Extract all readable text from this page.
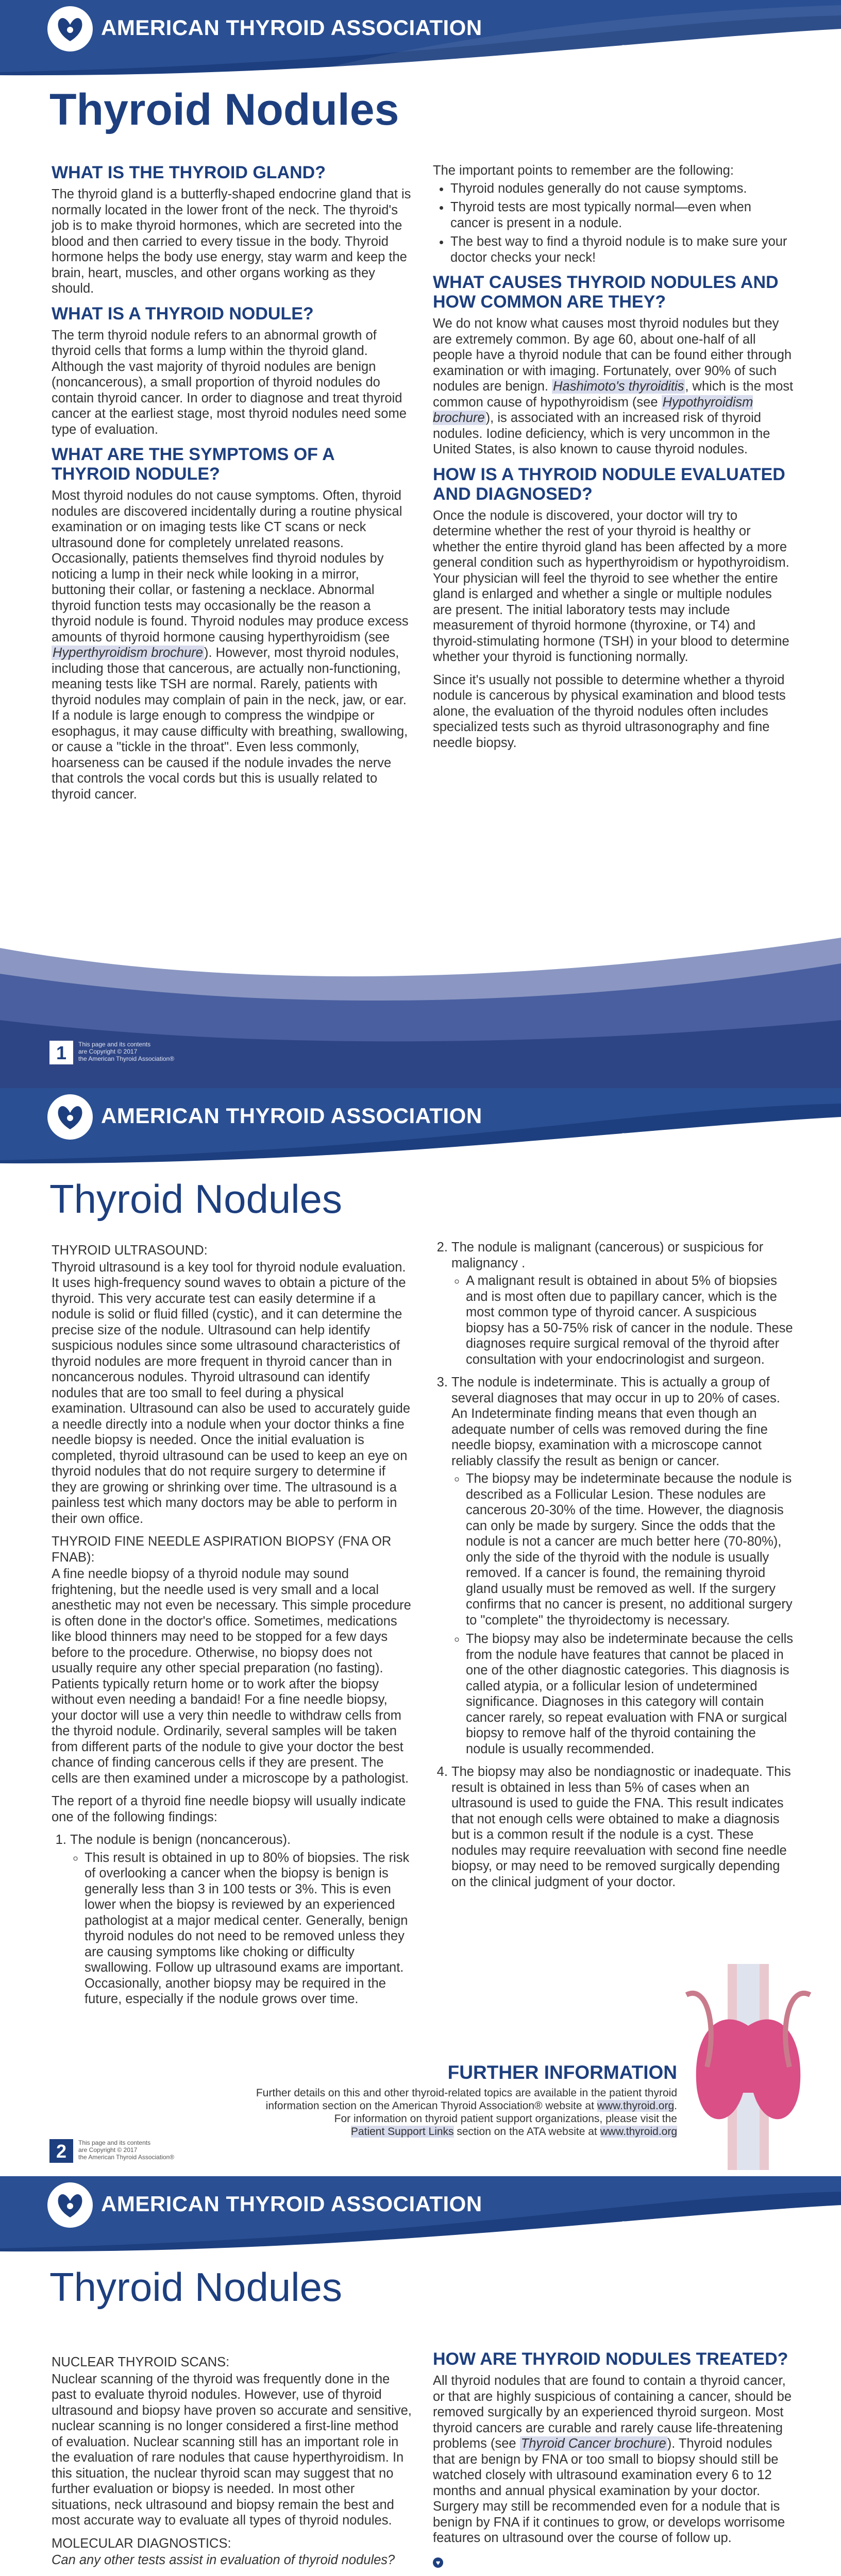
AMERICAN THYROID ASSOCIATION
www.thyroid.org
Thyroid Nodules
WHAT IS THE THYROID GLAND?

The thyroid gland is a butterfly-shaped endocrine gland that is normally located in the lower front of the neck. The thyroid's job is to make thyroid hormones, which are secreted into the blood and then carried to every tissue in the body. Thyroid hormone helps the body use energy, stay warm and keep the brain, heart, muscles, and other organs working as they should.

WHAT IS A THYROID NODULE?

The term thyroid nodule refers to an abnormal growth of thyroid cells that forms a lump within the thyroid gland. Although the vast majority of thyroid nodules are benign (noncancerous), a small proportion of thyroid nodules do contain thyroid cancer. In order to diagnose and treat thyroid cancer at the earliest stage, most thyroid nodules need some type of evaluation.

WHAT ARE THE SYMPTOMS OF A THYROID NODULE?

Most thyroid nodules do not cause symptoms. Often, thyroid nodules are discovered incidentally during a routine physical examination or on imaging tests like CT scans or neck ultrasound done for completely unrelated reasons. Occasionally, patients themselves find thyroid nodules by noticing a lump in their neck while looking in a mirror, buttoning their collar, or fastening a necklace. Abnormal thyroid function tests may occasionally be the reason a thyroid nodule is found. Thyroid nodules may produce excess amounts of thyroid hormone causing hyperthyroidism (see Hyperthyroidism brochure). However, most thyroid nodules, including those that cancerous, are actually non-functioning, meaning tests like TSH are normal. Rarely, patients with thyroid nodules may complain of pain in the neck, jaw, or ear. If a nodule is large enough to compress the windpipe or esophagus, it may cause difficulty with breathing, swallowing, or cause a "tickle in the throat". Even less commonly, hoarseness can be caused if the nodule invades the nerve that controls the vocal cords but this is usually related to thyroid cancer.

The important points to remember are the following:

• Thyroid nodules generally do not cause symptoms.
• Thyroid tests are most typically normal—even when cancer is present in a nodule.
• The best way to find a thyroid nodule is to make sure your doctor checks your neck!
WHAT CAUSES THYROID NODULES AND HOW COMMON ARE THEY?

We do not know what causes most thyroid nodules but they are extremely common. By age 60, about one-half of all people have a thyroid nodule that can be found either through examination or with imaging. Fortunately, over 90% of such nodules are benign. Hashimoto's thyroiditis, which is the most common cause of hypothyroidism (see Hypothyroidism brochure), is associated with an increased risk of thyroid nodules. Iodine deficiency, which is very uncommon in the United States, is also known to cause thyroid nodules.

HOW IS A THYROID NODULE EVALUATED AND DIAGNOSED?

Once the nodule is discovered, your doctor will try to determine whether the rest of your thyroid is healthy or whether the entire thyroid gland has been affected by a more general condition such as hyperthyroidism or hypothyroidism. Your physician will feel the thyroid to see whether the entire gland is enlarged and whether a single or multiple nodules are present. The initial laboratory tests may include measurement of thyroid hormone (thyroxine, or T4) and thyroid-stimulating hormone (TSH) in your blood to determine whether your thyroid is functioning normally.

Since it's usually not possible to determine whether a thyroid nodule is cancerous by physical examination and blood tests alone, the evaluation of the thyroid nodules often includes specialized tests such as thyroid ultrasonography and fine needle biopsy.

1	This page and its contents
are Copyright © 2017
the American Thyroid Association®
AMERICAN THYROID ASSOCIATION
www.thyroid.org
Thyroid Nodules
THYROID ULTRASOUND:

Thyroid ultrasound is a key tool for thyroid nodule evaluation. It uses high-frequency sound waves to obtain a picture of the thyroid. This very accurate test can easily determine if a nodule is solid or fluid filled (cystic), and it can determine the precise size of the nodule. Ultrasound can help identify suspicious nodules since some ultrasound characteristics of thyroid nodules are more frequent in thyroid cancer than in noncancerous nodules. Thyroid ultrasound can identify nodules that are too small to feel during a physical examination. Ultrasound can also be used to accurately guide a needle directly into a nodule when your doctor thinks a fine needle biopsy is needed. Once the initial evaluation is completed, thyroid ultrasound can be used to keep an eye on thyroid nodules that do not require surgery to determine if they are growing or shrinking over time. The ultrasound is a painless test which many doctors may be able to perform in their own office.

THYROID FINE NEEDLE ASPIRATION BIOPSY (FNA OR FNAB):

A fine needle biopsy of a thyroid nodule may sound frightening, but the needle used is very small and a local anesthetic may not even be necessary. This simple procedure is often done in the doctor's office. Sometimes, medications like blood thinners may need to be stopped for a few days before to the procedure. Otherwise, no biopsy does not usually require any other special preparation (no fasting). Patients typically return home or to work after the biopsy without even needing a bandaid! For a fine needle biopsy, your doctor will use a very thin needle to withdraw cells from the thyroid nodule. Ordinarily, several samples will be taken from different parts of the nodule to give your doctor the best chance of finding cancerous cells if they are present. The cells are then examined under a microscope by a pathologist.

The report of a thyroid fine needle biopsy will usually indicate one of the following findings:

1. The nodule is benign (noncancerous).
◦ This result is obtained in up to 80% of biopsies. The risk of overlooking a cancer when the biopsy is benign is generally less than 3 in 100 tests or 3%. This is even lower when the biopsy is reviewed by an experienced pathologist at a major medical center. Generally, benign thyroid nodules do not need to be removed unless they are causing symptoms like choking or difficulty swallowing. Follow up ultrasound exams are important. Occasionally, another biopsy may be required in the future, especially if the nodule grows over time.
2. The nodule is malignant (cancerous) or suspicious for malignancy .
◦ A malignant result is obtained in about 5% of biopsies and is most often due to papillary cancer, which is the most common type of thyroid cancer. A suspicious biopsy has a 50-75% risk of cancer in the nodule. These diagnoses require surgical removal of the thyroid after consultation with your endocrinologist and surgeon.
3. The nodule is indeterminate. This is actually a group of several diagnoses that may occur in up to 20% of cases. An Indeterminate finding means that even though an adequate number of cells was removed during the fine needle biopsy, examination with a microscope cannot reliably classify the result as benign or cancer.
◦ The biopsy may be indeterminate because the nodule is described as a Follicular Lesion. These nodules are cancerous 20-30% of the time. However, the diagnosis can only be made by surgery. Since the odds that the nodule is not a cancer are much better here (70-80%), only the side of the thyroid with the nodule is usually removed. If a cancer is found, the remaining thyroid gland usually must be removed as well. If the surgery confirms that no cancer is present, no additional surgery to "complete" the thyroidectomy is necessary.
◦ The biopsy may also be indeterminate because the cells from the nodule have features that cannot be placed in one of the other diagnostic categories. This diagnosis is called atypia, or a follicular lesion of undetermined significance. Diagnoses in this category will contain cancer rarely, so repeat evaluation with FNA or surgical biopsy to remove half of the thyroid containing the nodule is usually recommended.
4. The biopsy may also be nondiagnostic or inadequate. This result is obtained in less than 5% of cases when an ultrasound is used to guide the FNA. This result indicates that not enough cells were obtained to make a diagnosis but is a common result if the nodule is a cyst. These nodules may require reevaluation with second fine needle biopsy, or may need to be removed surgically depending on the clinical judgment of your doctor.
FURTHER INFORMATION
Further details on this and other thyroid-related topics are available in the patient thyroid
information section on the American Thyroid Association® website at www.thyroid.org.
For information on thyroid patient support organizations, please visit the
Patient Support Links section on the ATA website at www.thyroid.org
2	This page and its contents
are Copyright © 2017
the American Thyroid Association®
AMERICAN THYROID ASSOCIATION
www.thyroid.org
Thyroid Nodules
NUCLEAR THYROID SCANS:

Nuclear scanning of the thyroid was frequently done in the past to evaluate thyroid nodules. However, use of thyroid ultrasound and biopsy have proven so accurate and sensitive, nuclear scanning is no longer considered a first-line method of evaluation. Nuclear scanning still has an important role in the evaluation of rare nodules that cause hyperthyroidism. In this situation, the nuclear thyroid scan may suggest that no further evaluation or biopsy is needed. In most other situations, neck ultrasound and biopsy remain the best and most accurate way to evaluate all types of thyroid nodules.

MOLECULAR DIAGNOSTICS:

Can any other tests assist in evaluation of thyroid nodules?

HOW ARE THYROID NODULES TREATED?

All thyroid nodules that are found to contain a thyroid cancer, or that are highly suspicious of containing a cancer, should be removed surgically by an experienced thyroid surgeon. Most thyroid cancers are curable and rarely cause life-threatening problems (see Thyroid Cancer brochure). Thyroid nodules that are benign by FNA or too small to biopsy should still be watched closely with ultrasound examination every 6 to 12 months and annual physical examination by your doctor. Surgery may still be recommended even for a nodule that is benign by FNA if it continues to grow, or develops worrisome features on ultrasound over the course of follow up.

♥
